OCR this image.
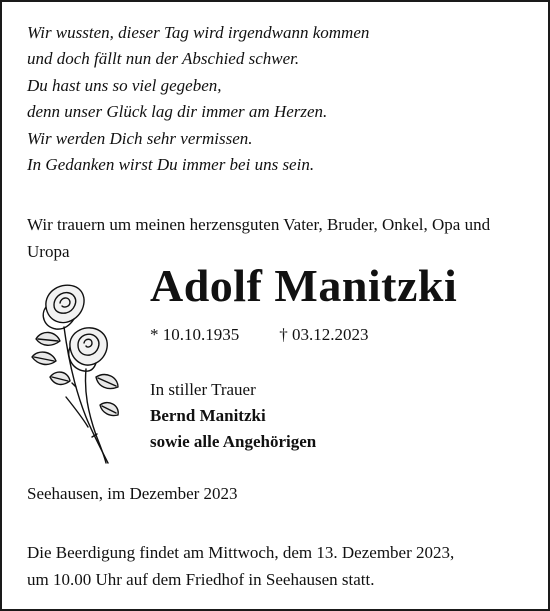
Wir wussten, dieser Tag wird irgendwann kommen
und doch fällt nun der Abschied schwer.
Du hast uns so viel gegeben,
denn unser Glück lag dir immer am Herzen.
Wir werden Dich sehr vermissen.
In Gedanken wirst Du immer bei uns sein.
Wir trauern um meinen herzensguten Vater, Bruder, Onkel, Opa und Uropa
Adolf Manitzki
* 10.10.1935 † 03.12.2023
In stiller Trauer
Bernd Manitzki
sowie alle Angehörigen
Seehausen, im Dezember 2023
Die Beerdigung findet am Mittwoch, dem 13. Dezember 2023,
um 10.00 Uhr auf dem Friedhof in Seehausen statt.
